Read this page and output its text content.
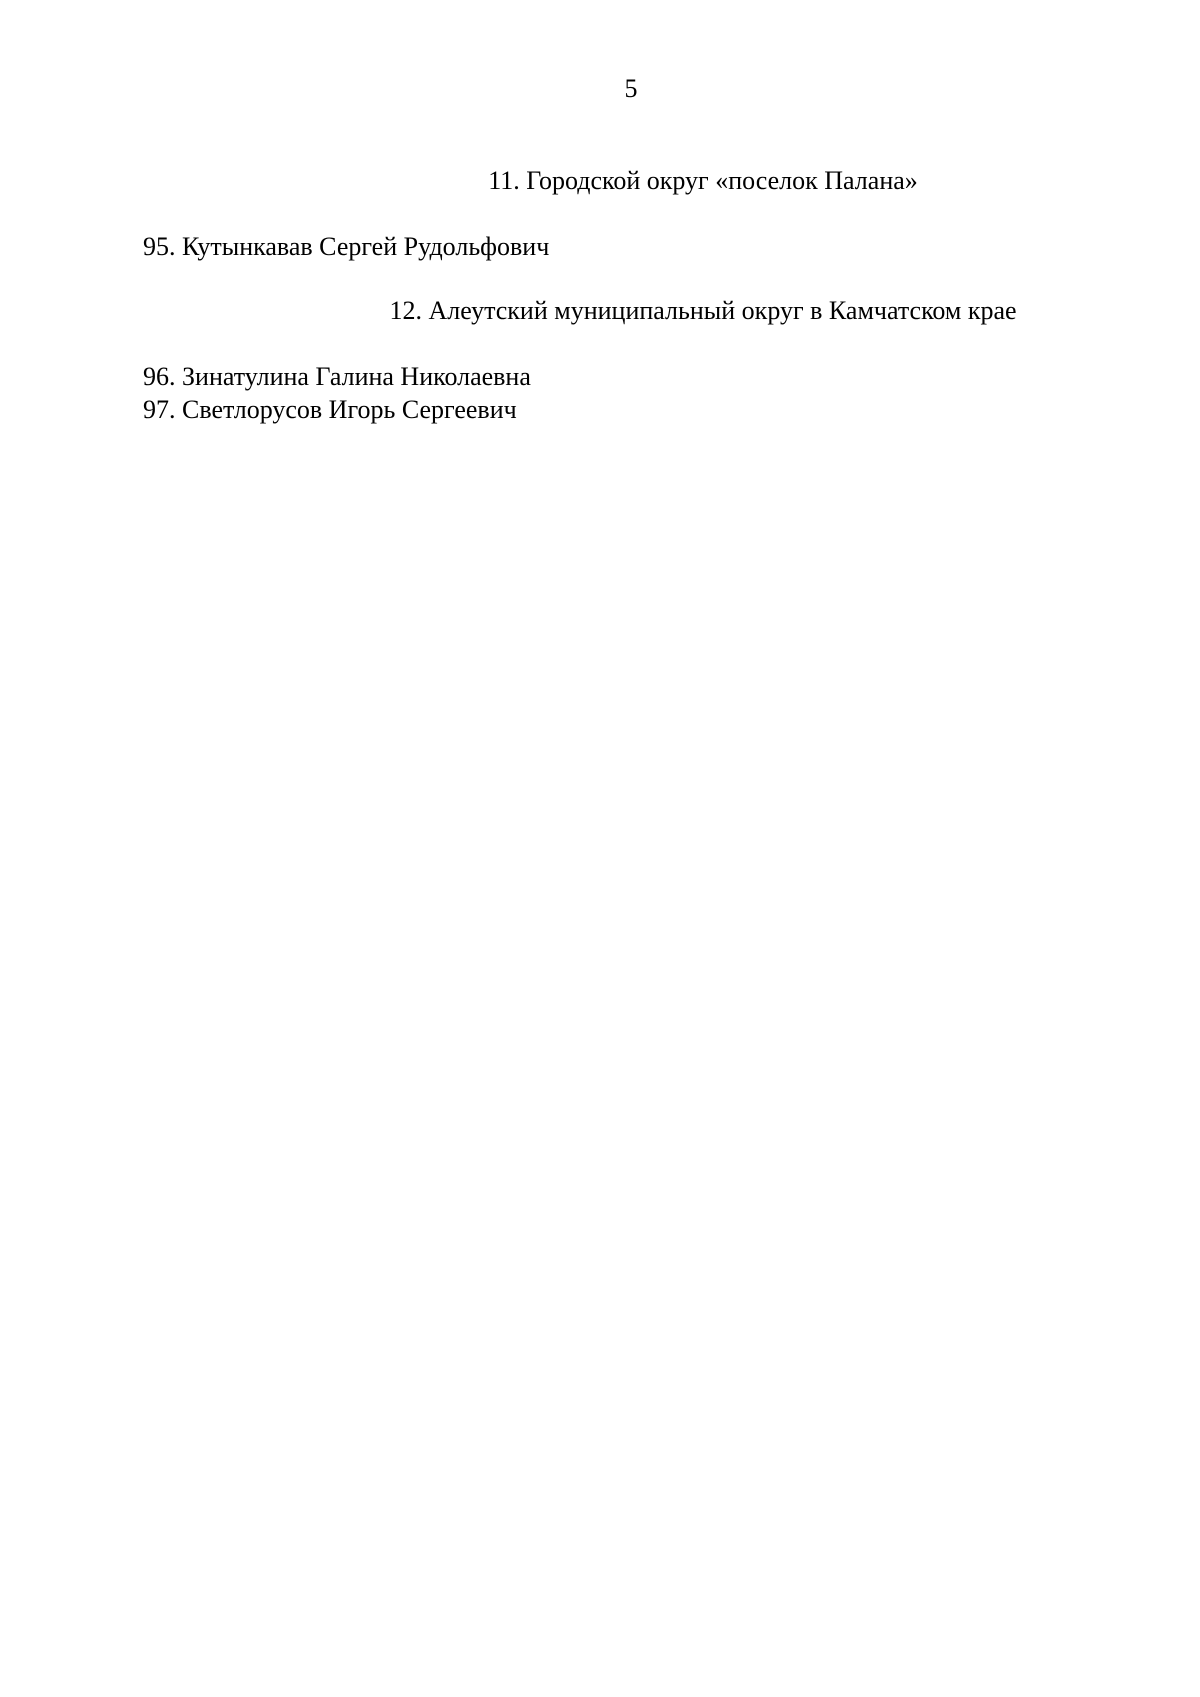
5
11. Городской округ «поселок Палана»
95. Кутынкавав Сергей Рудольфович
12. Алеутский муниципальный округ в Камчатском крае
96. Зинатулина Галина Николаевна
97. Светлорусов Игорь Сергеевич
